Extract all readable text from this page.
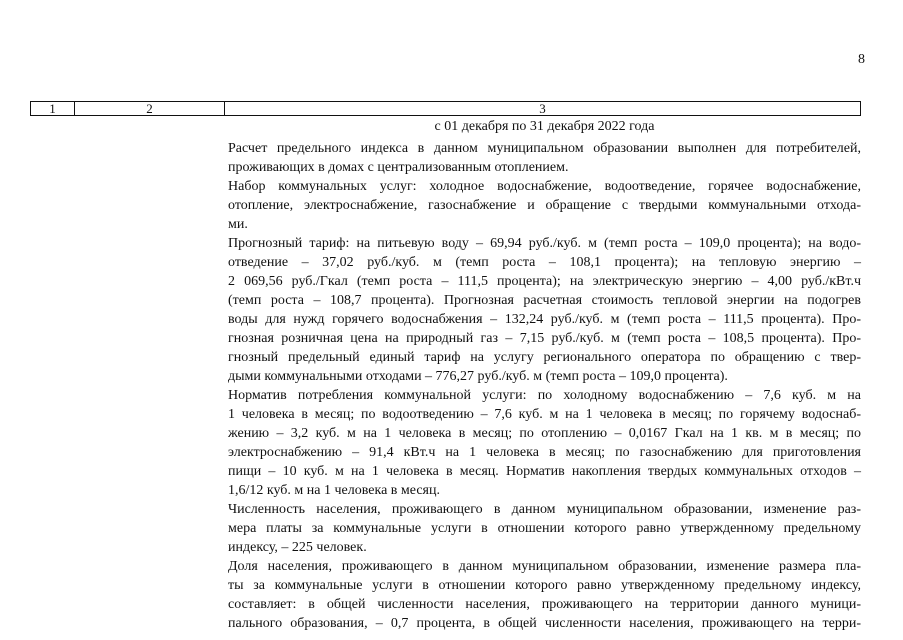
8
1	2	3
с 01 декабря по 31 декабря 2022 года

Расчет предельного индекса в данном муниципальном образовании выполнен для потребителей,
проживающих в домах с централизованным отоплением.

Набор коммунальных услуг: холодное водоснабжение, водоотведение, горячее водоснабжение,
отопление, электроснабжение, газоснабжение и обращение с твердыми коммунальными отхода-
ми.

Прогнозный тариф: на питьевую воду – 69,94 руб./куб. м (темп роста – 109,0 процента); на водо-
отведение – 37,02 руб./куб. м (темп роста – 108,1 процента); на тепловую энергию –
2 069,56 руб./Гкал (темп роста – 111,5 процента); на электрическую энергию – 4,00 руб./кВт.ч
(темп роста – 108,7 процента). Прогнозная расчетная стоимость тепловой энергии на подогрев
воды для нужд горячего водоснабжения – 132,24 руб./куб. м (темп роста – 111,5 процента). Про-
гнозная розничная цена на природный газ – 7,15 руб./куб. м (темп роста – 108,5 процента). Про-
гнозный предельный единый тариф на услугу регионального оператора по обращению с твер-
дыми коммунальными отходами – 776,27 руб./куб. м (темп роста – 109,0 процента).

Норматив потребления коммунальной услуги: по холодному водоснабжению – 7,6 куб. м на
1 человека в месяц; по водоотведению – 7,6 куб. м на 1 человека в месяц; по горячему водоснаб-
жению – 3,2 куб. м на 1 человека в месяц; по отоплению – 0,0167 Гкал на 1 кв. м в месяц; по
электроснабжению – 91,4 кВт.ч на 1 человека в месяц; по газоснабжению для приготовления
пищи – 10 куб. м на 1 человека в месяц. Норматив накопления твердых коммунальных отходов –
1,6/12 куб. м на 1 человека в месяц.

Численность населения, проживающего в данном муниципальном образовании, изменение раз-
мера платы за коммунальные услуги в отношении которого равно утвержденному предельному
индексу, – 225 человек.

Доля населения, проживающего в данном муниципальном образовании, изменение размера пла-
ты за коммунальные услуги в отношении которого равно утвержденному предельному индексу,
составляет: в общей численности населения, проживающего на территории данного муници-
пального образования, – 0,7 процента, в общей численности населения, проживающего на терри-
